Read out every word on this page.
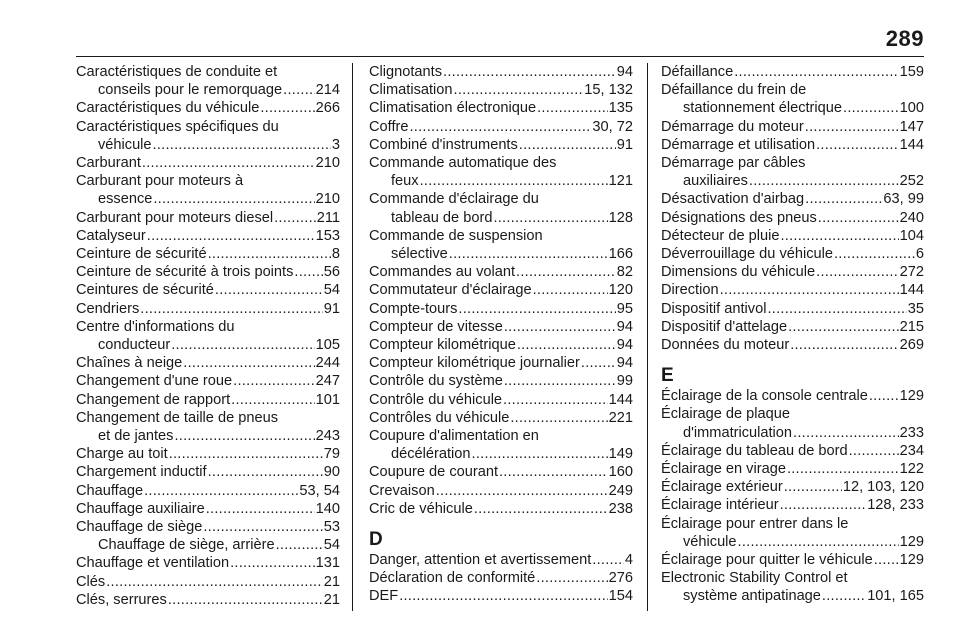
289
Caractéristiques de conduite et
conseils pour le remorquage . . . 214
Caractéristiques du véhicule . . .	266
Caractéristiques spécifiques du
véhicule . . .	3
Carburant . . .	210
Carburant pour moteurs à
essence . . .	210
Carburant pour moteurs diesel . . .	211
Catalyseur . . .	153
Ceinture de sécurité . . .	8
Ceinture de sécurité à trois points . . . 56
Ceintures de sécurité . . .	54
Cendriers . . .	91
Centre d'informations du
conducteur . . .	105
Chaînes à neige . . .	244
Changement d'une roue . . .	247
Changement de rapport . . .	101
Changement de taille de pneus
et de jantes . . .	243
Charge au toit . . .	79
Chargement inductif . . .	90
Chauffage . . .	53, 54
Chauffage auxiliaire . . .	140
Chauffage de siège . . .	53
Chauffage de siège, arrière . . .	54
Chauffage et ventilation . . .	131
Clés . . .	21
Clés, serrures . . .	21
Clignotants . . .	94
Climatisation . . .	15, 132
Climatisation électronique . . .	135
Coffre . . .	30, 72
Combiné d'instruments . . .	91
Commande automatique des
feux . . .	121
Commande d'éclairage du
tableau de bord . . .	128
Commande de suspension
sélective . . .	166
Commandes au volant . . .	82
Commutateur d'éclairage . . .	120
Compte-tours . . .	95
Compteur de vitesse . . .	94
Compteur kilométrique . . .	94
Compteur kilométrique journalier . . .	94
Contrôle du système . . .	99
Contrôle du véhicule . . .	144
Contrôles du véhicule . . .	221
Coupure d'alimentation en
décélération . . .	149
Coupure de courant . . .	160
Crevaison . . .	249
Cric de véhicule . . .	238
D
Danger, attention et avertissement . . . 4
Déclaration de conformité . . .	276
DEF . . .	154
Défaillance . . .	159
Défaillance du frein de
stationnement électrique . . .	100
Démarrage du moteur . . .	147
Démarrage et utilisation . . .	144
Démarrage par câbles
auxiliaires . . .	252
Désactivation d'airbag . . .	63, 99
Désignations des pneus . . .	240
Détecteur de pluie . . .	104
Déverrouillage du véhicule . . .	6
Dimensions du véhicule . . .	272
Direction . . .	144
Dispositif antivol . . .	35
Dispositif d'attelage . . .	215
Données du moteur . . .	269
E
Éclairage de la console centrale . . . 129
Éclairage de plaque
d'immatriculation . . .	233
Éclairage du tableau de bord . . .	234
Éclairage en virage . . .	122
Éclairage extérieur . . .	12, 103, 120
Éclairage intérieur . . .	128, 233
Éclairage pour entrer dans le
véhicule . . .	129
Éclairage pour quitter le véhicule . . . 129
Electronic Stability Control et
système antipatinage . . .	101, 165
